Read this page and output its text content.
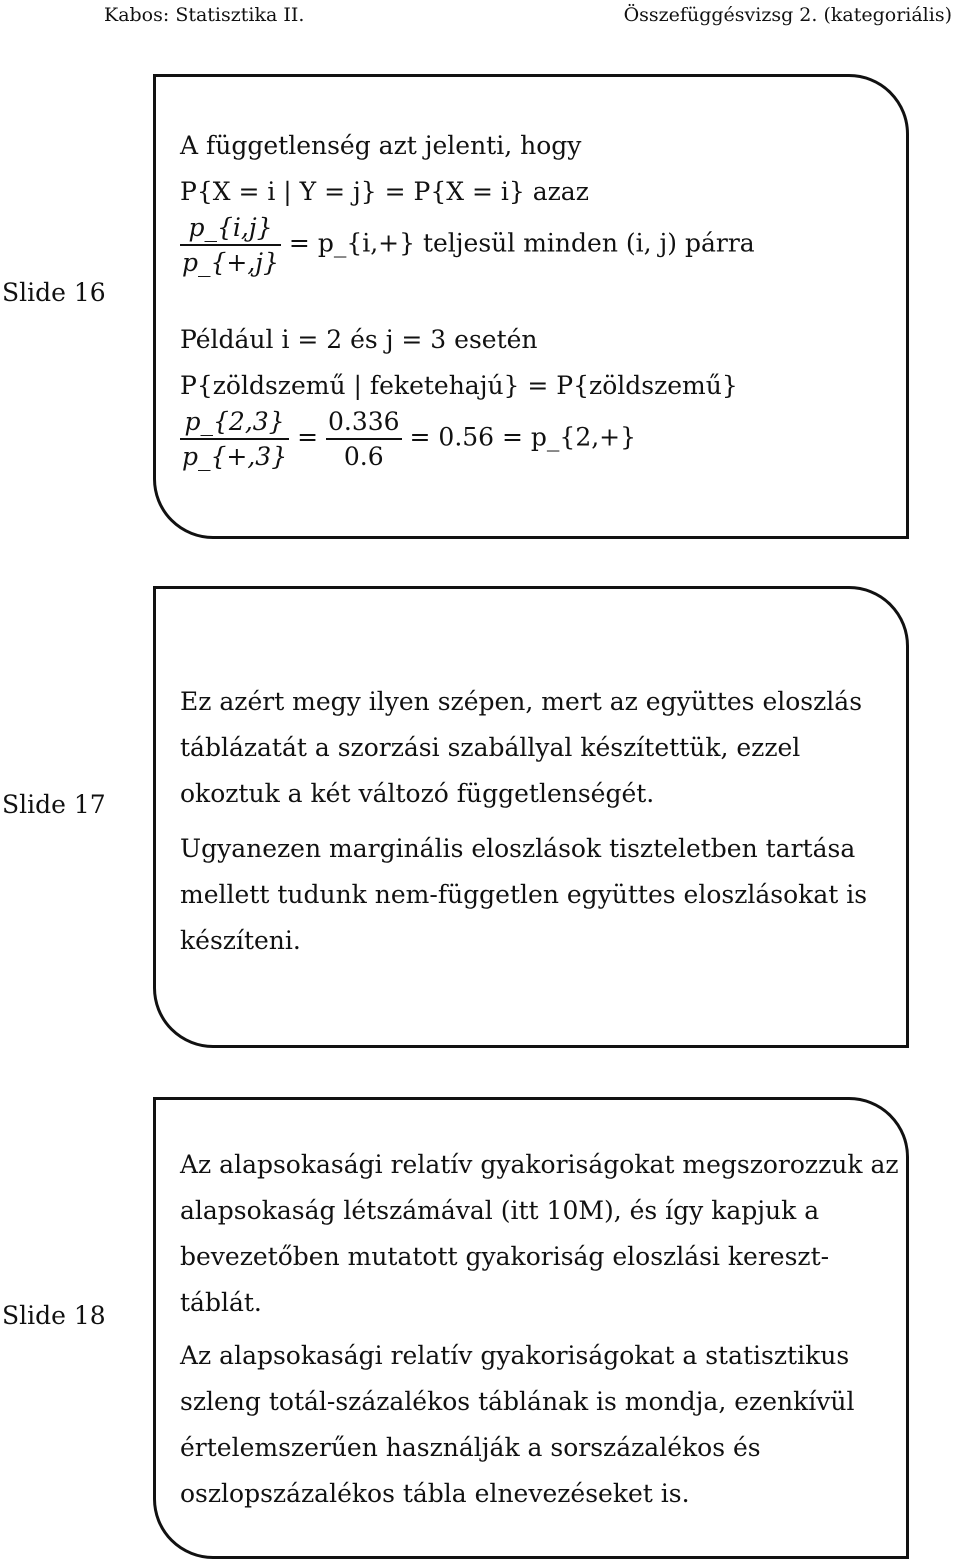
Kabos: Statisztika II.	Összefüggésvizsg 2. (kategoriális)
Slide 16
A függetlenség azt jelenti, hogy
P{X = i | Y = j} = P{X = i} azaz
$\frac{p\_\{i,j\}}{p\_\{+,j\}}$ = p_{i,+} teljesül minden (i, j) párra
Például i = 2 és j = 3 esetén
P{zöldszemű | feketehajú} = P{zöldszemű}
$\frac{p\_\{2,3\}}{p\_\{+,3\}} = \frac{0.336}{0.6} = 0.56$ = p_{2,+}
Slide 17
Ez azért megy ilyen szépen, mert az együttes eloszlás táblázatát a szorzási szabállyal készítettük, ezzel okoztuk a két változó függetlenségét.
Ugyanezen marginális eloszlások tiszteletben tartása mellett tudunk nem-független együttes eloszlásokat is készíteni.
Slide 18
Az alapsokasági relatív gyakoriságokat megszorozzuk az alapsokaság létszámával (itt 10M), és így kapjuk a bevezetőben mutatott gyakoriság eloszlási kereszt-táblát.
Az alapsokasági relatív gyakoriságokat a statisztikus szleng totál-százalékos táblának is mondja, ezenkívül értelemszerűen használják a sorszázalékos és oszlopszázalékos tábla elnevezéseket is.
